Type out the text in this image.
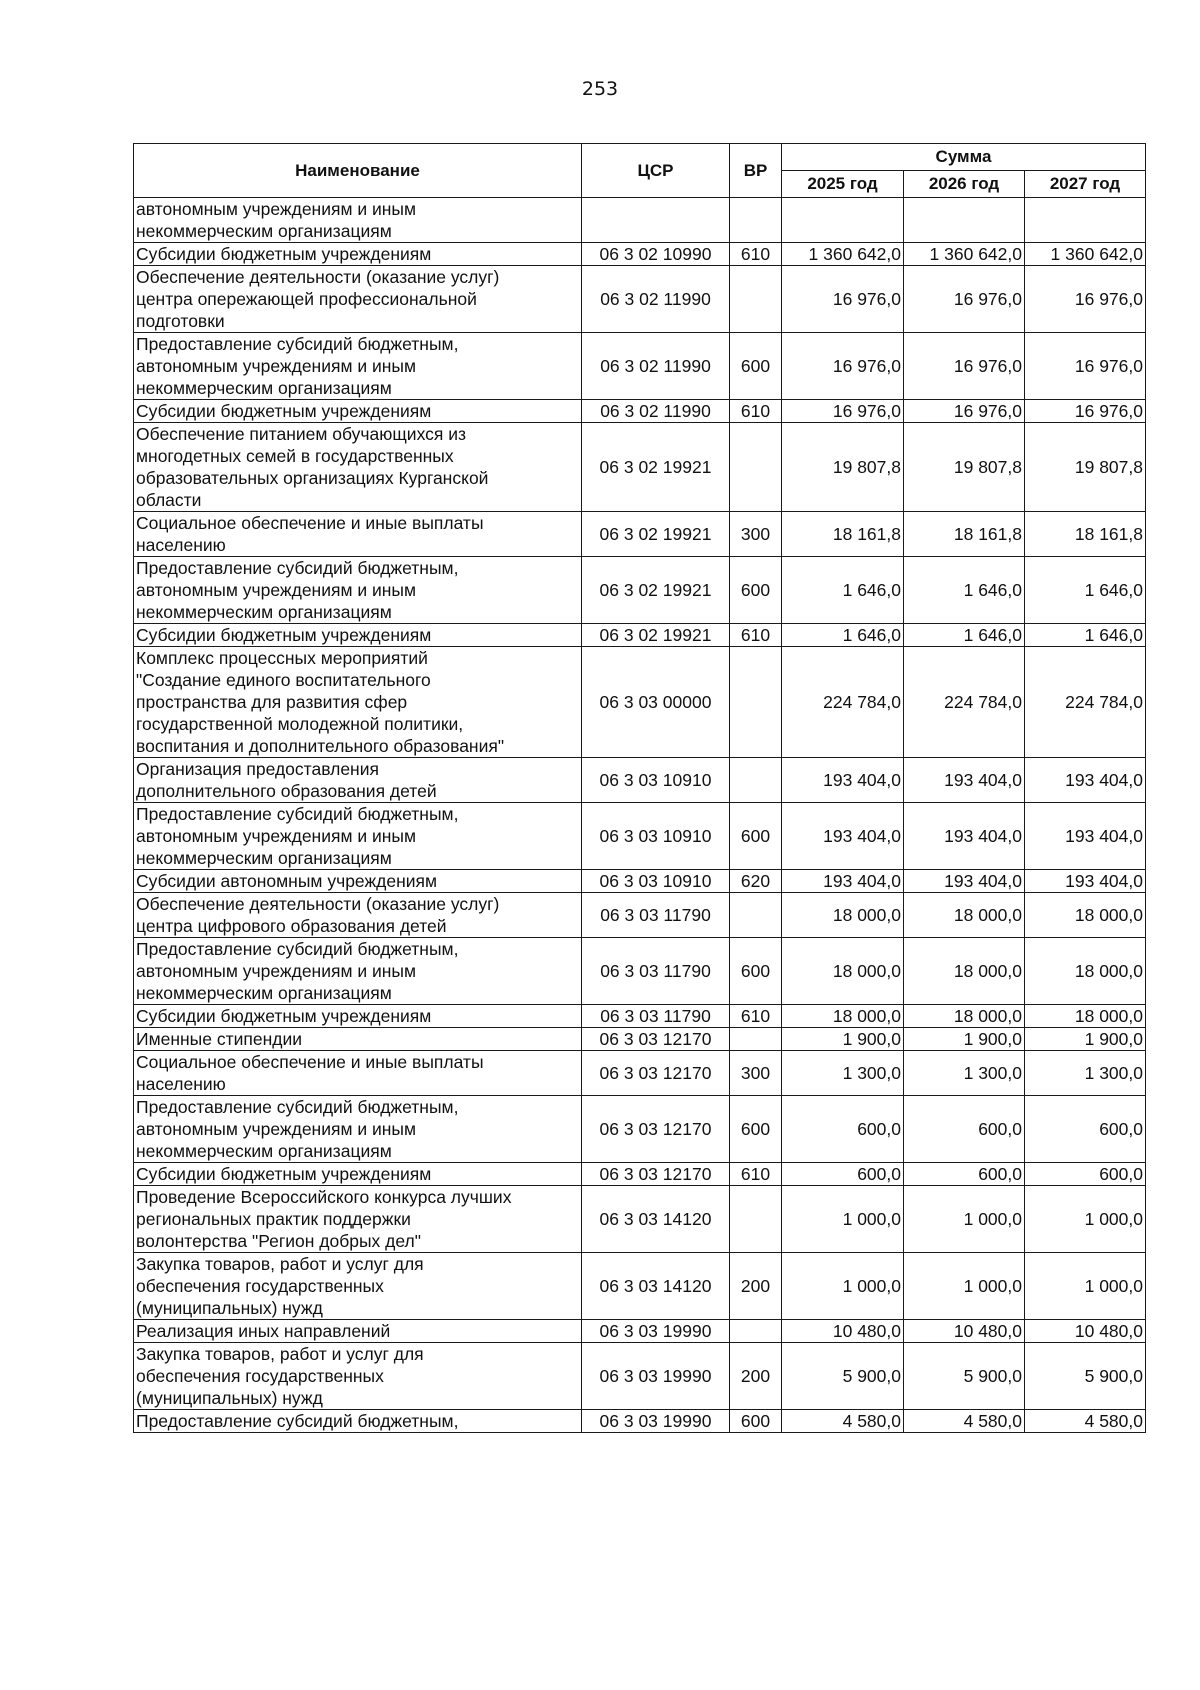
253
Наименование	ЦСР	ВР	Сумма		
			2025 год	2026 год	2027 год
автономным учреждениям и иным
некоммерческим организациям					
Субсидии бюджетным учреждениям	06 3 02 10990	610	1 360 642,0	1 360 642,0	1 360 642,0
Обеспечение деятельности (оказание услуг)
центра опережающей профессиональной
подготовки	06 3 02 11990		16 976,0	16 976,0	16 976,0
Предоставление субсидий бюджетным,
автономным учреждениям и иным
некоммерческим организациям	06 3 02 11990	600	16 976,0	16 976,0	16 976,0
Субсидии бюджетным учреждениям	06 3 02 11990	610	16 976,0	16 976,0	16 976,0
Обеспечение питанием обучающихся из
многодетных семей в государственных
образовательных организациях Курганской
области	06 3 02 19921		19 807,8	19 807,8	19 807,8
Социальное обеспечение и иные выплаты
населению	06 3 02 19921	300	18 161,8	18 161,8	18 161,8
Предоставление субсидий бюджетным,
автономным учреждениям и иным
некоммерческим организациям	06 3 02 19921	600	1 646,0	1 646,0	1 646,0
Субсидии бюджетным учреждениям	06 3 02 19921	610	1 646,0	1 646,0	1 646,0
Комплекс процессных мероприятий
"Создание единого воспитательного
пространства для развития сфер
государственной молодежной политики,
воспитания и дополнительного образования"	06 3 03 00000		224 784,0	224 784,0	224 784,0
Организация предоставления
дополнительного образования детей	06 3 03 10910		193 404,0	193 404,0	193 404,0
Предоставление субсидий бюджетным,
автономным учреждениям и иным
некоммерческим организациям	06 3 03 10910	600	193 404,0	193 404,0	193 404,0
Субсидии автономным учреждениям	06 3 03 10910	620	193 404,0	193 404,0	193 404,0
Обеспечение деятельности (оказание услуг)
центра цифрового образования детей	06 3 03 11790		18 000,0	18 000,0	18 000,0
Предоставление субсидий бюджетным,
автономным учреждениям и иным
некоммерческим организациям	06 3 03 11790	600	18 000,0	18 000,0	18 000,0
Субсидии бюджетным учреждениям	06 3 03 11790	610	18 000,0	18 000,0	18 000,0
Именные стипендии	06 3 03 12170		1 900,0	1 900,0	1 900,0
Социальное обеспечение и иные выплаты
населению	06 3 03 12170	300	1 300,0	1 300,0	1 300,0
Предоставление субсидий бюджетным,
автономным учреждениям и иным
некоммерческим организациям	06 3 03 12170	600	600,0	600,0	600,0
Субсидии бюджетным учреждениям	06 3 03 12170	610	600,0	600,0	600,0
Проведение Всероссийского конкурса лучших
региональных практик поддержки
волонтерства "Регион добрых дел"	06 3 03 14120		1 000,0	1 000,0	1 000,0
Закупка товаров, работ и услуг для
обеспечения государственных
(муниципальных) нужд	06 3 03 14120	200	1 000,0	1 000,0	1 000,0
Реализация иных направлений	06 3 03 19990		10 480,0	10 480,0	10 480,0
Закупка товаров, работ и услуг для
обеспечения государственных
(муниципальных) нужд	06 3 03 19990	200	5 900,0	5 900,0	5 900,0
Предоставление субсидий бюджетным,	06 3 03 19990	600	4 580,0	4 580,0	4 580,0
